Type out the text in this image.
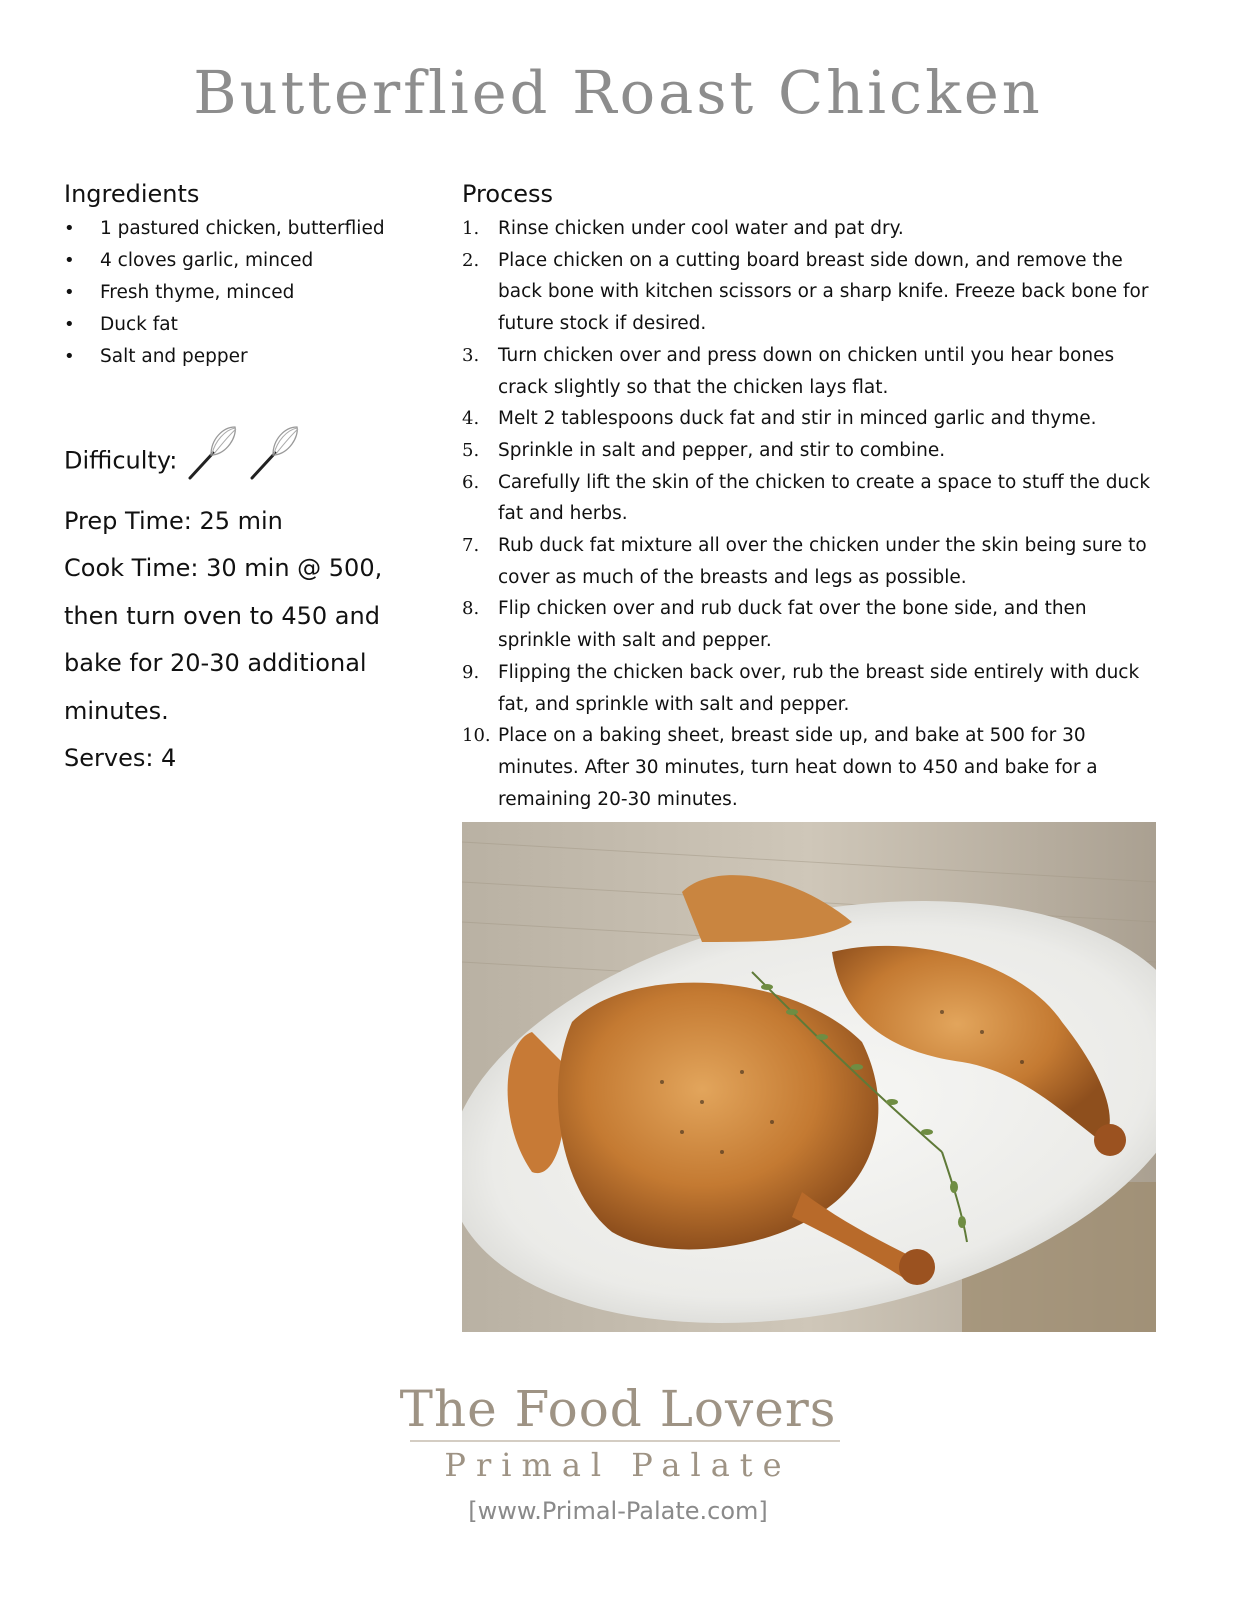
Butterflied Roast Chicken
Ingredients
• 1 pastured chicken, butterflied
• 4 cloves garlic, minced
• Fresh thyme, minced
• Duck fat
• Salt and pepper
Difficulty:
Prep Time: 25 min
Cook Time: 30 min @ 500, then turn oven to 450 and bake for 20-30 additional minutes.
Serves: 4
Process
1. Rinse chicken under cool water and pat dry.
2. Place chicken on a cutting board breast side down, and remove the back bone with kitchen scissors or a sharp knife. Freeze back bone for future stock if desired.
3. Turn chicken over and press down on chicken until you hear bones crack slightly so that the chicken lays flat.
4. Melt 2 tablespoons duck fat and stir in minced garlic and thyme.
5. Sprinkle in salt and pepper, and stir to combine.
6. Carefully lift the skin of the chicken to create a space to stuff the duck fat and herbs.
7. Rub duck fat mixture all over the chicken under the skin being sure to cover as much of the breasts and legs as possible.
8. Flip chicken over and rub duck fat over the bone side, and then sprinkle with salt and pepper.
9. Flipping the chicken back over, rub the breast side entirely with duck fat, and sprinkle with salt and pepper.
10. Place on a baking sheet, breast side up, and bake at 500 for 30 minutes. After 30 minutes, turn heat down to 450 and bake for a remaining 20-30 minutes.
The Food Lovers
Primal Palate
[www.Primal-Palate.com]
